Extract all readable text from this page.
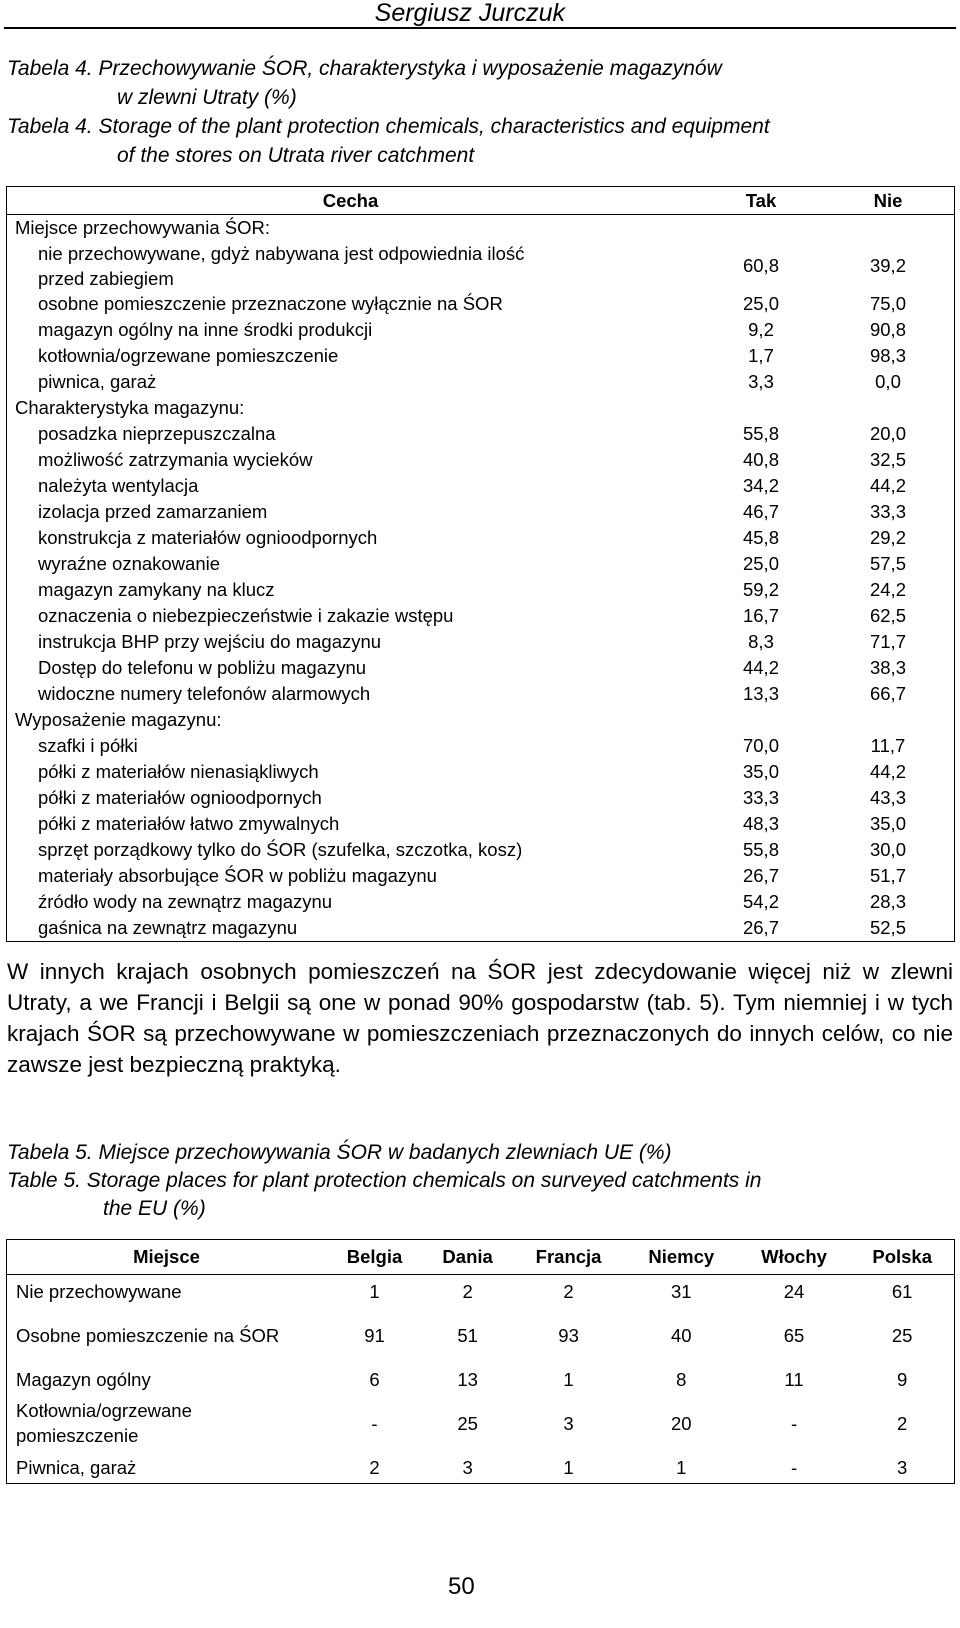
Sergiusz Jurczuk
Tabela 4. Przechowywanie ŚOR, charakterystyka i wyposażenie magazynów
w zlewni Utraty (%)
Tabela 4. Storage of the plant protection chemicals, characteristics and equipment
of the stores on Utrata river catchment
Cecha	Tak	Nie
Miejsce przechowywania ŚOR:		
nie przechowywane, gdyż nabywana jest odpowiednia ilość przed zabiegiem	60,8	39,2
osobne pomieszczenie przeznaczone wyłącznie na ŚOR	25,0	75,0
magazyn ogólny na inne środki produkcji	9,2	90,8
kotłownia/ogrzewane pomieszczenie	1,7	98,3
piwnica, garaż	3,3	0,0
Charakterystyka magazynu:		
posadzka nieprzepuszczalna	55,8	20,0
możliwość zatrzymania wycieków	40,8	32,5
należyta wentylacja	34,2	44,2
izolacja przed zamarzaniem	46,7	33,3
konstrukcja z materiałów ognioodpornych	45,8	29,2
wyraźne oznakowanie	25,0	57,5
magazyn zamykany na klucz	59,2	24,2
oznaczenia o niebezpieczeństwie i zakazie wstępu	16,7	62,5
instrukcja BHP przy wejściu do magazynu	8,3	71,7
Dostęp do telefonu w pobliżu magazynu	44,2	38,3
widoczne numery telefonów alarmowych	13,3	66,7
Wyposażenie magazynu:		
szafki i półki	70,0	11,7
półki z materiałów nienasiąkliwych	35,0	44,2
półki z materiałów ognioodpornych	33,3	43,3
półki z materiałów łatwo zmywalnych	48,3	35,0
sprzęt porządkowy tylko do ŚOR (szufelka, szczotka, kosz)	55,8	30,0
materiały absorbujące ŚOR w pobliżu magazynu	26,7	51,7
źródło wody na zewnątrz magazynu	54,2	28,3
gaśnica na zewnątrz magazynu	26,7	52,5
W innych krajach osobnych pomieszczeń na ŚOR jest zdecydowanie więcej niż w zlewni Utraty, a we Francji i Belgii są one w ponad 90% gospodarstw (tab. 5). Tym niemniej i w tych krajach ŚOR są przechowywane w pomieszczeniach przeznaczonych do innych celów, co nie zawsze jest bezpieczną praktyką.
Tabela 5. Miejsce przechowywania ŚOR w badanych zlewniach UE (%)
Table 5. Storage places for plant protection chemicals on surveyed catchments in
the EU (%)
Miejsce	Belgia	Dania	Francja	Niemcy	Włochy	Polska
Nie przechowywane	1	2	2	31	24	61
Osobne pomieszczenie na ŚOR	91	51	93	40	65	25
Magazyn ogólny	6	13	1	8	11	9
Kotłownia/ogrzewane pomieszczenie	-	25	3	20	-	2
Piwnica, garaż	2	3	1	1	-	3
50
